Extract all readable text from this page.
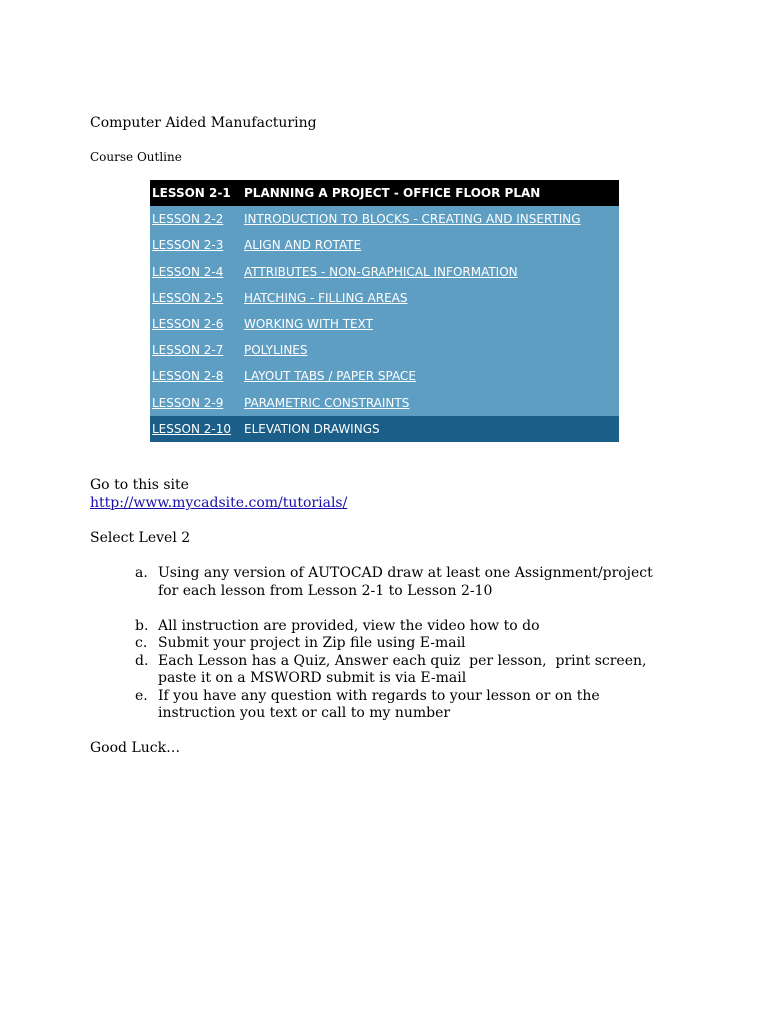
Computer Aided Manufacturing
Course Outline
LESSON 2-1	PLANNING A PROJECT - OFFICE FLOOR PLAN
LESSON 2-2	INTRODUCTION TO BLOCKS - CREATING AND INSERTING
LESSON 2-3	ALIGN AND ROTATE
LESSON 2-4	ATTRIBUTES - NON-GRAPHICAL INFORMATION
LESSON 2-5	HATCHING - FILLING AREAS
LESSON 2-6	WORKING WITH TEXT
LESSON 2-7	POLYLINES
LESSON 2-8	LAYOUT TABS / PAPER SPACE
LESSON 2-9	PARAMETRIC CONSTRAINTS
LESSON 2-10	ELEVATION DRAWINGS
Go to this site
http://www.mycadsite.com/tutorials/
Select Level 2
a. Using any version of AUTOCAD draw at least one Assignment/project
for each lesson from Lesson 2-1 to Lesson 2-10
b. All instruction are provided, view the video how to do
c. Submit your project in Zip file using E-mail
d. Each Lesson has a Quiz, Answer each quiz  per lesson,  print screen,
paste it on a MSWORD submit is via E-mail
e. If you have any question with regards to your lesson or on the
instruction you text or call to my number
Good Luck…
